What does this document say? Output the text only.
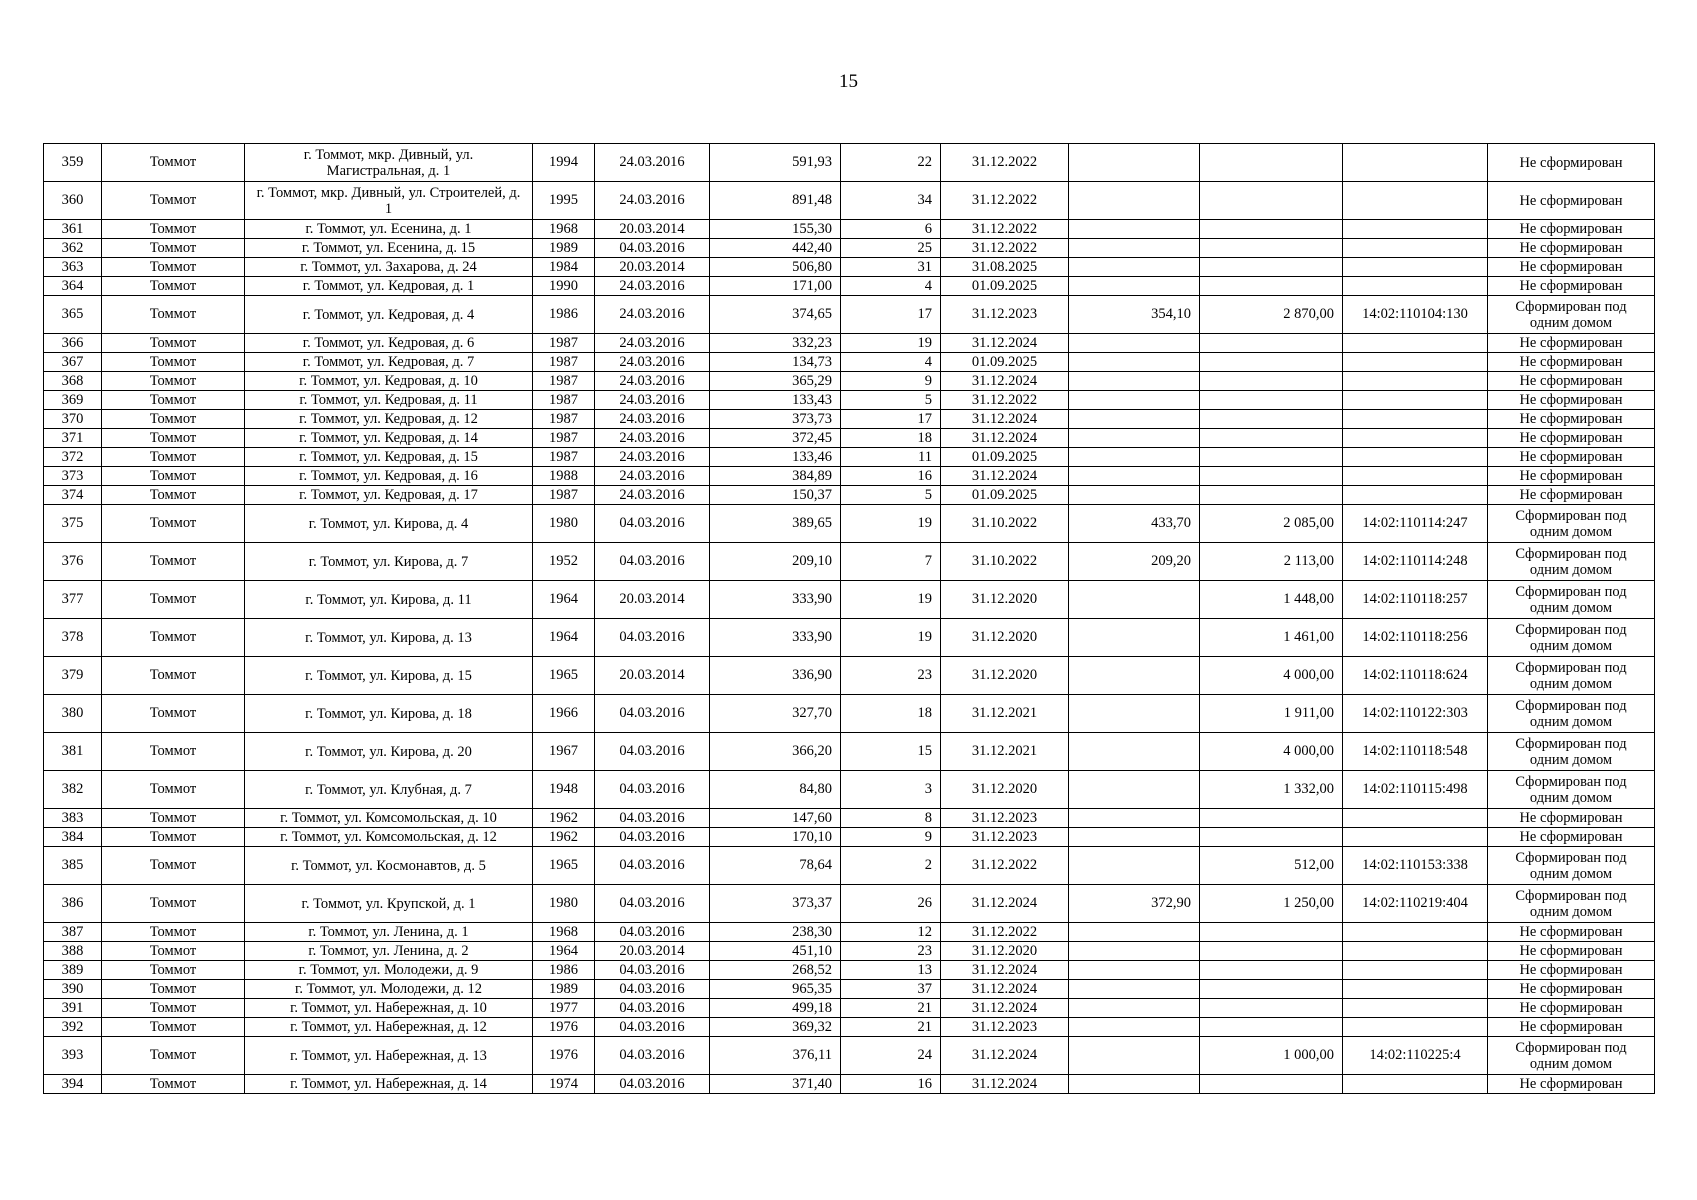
15
359	Томмот	г. Томмот, мкр. Дивный, ул. Магистральная, д. 1	1994	24.03.2016	591,93	22	31.12.2022				Не сформирован
360	Томмот	г. Томмот, мкр. Дивный, ул. Строителей, д. 1	1995	24.03.2016	891,48	34	31.12.2022				Не сформирован
361	Томмот	г. Томмот, ул. Есенина, д. 1	1968	20.03.2014	155,30	6	31.12.2022				Не сформирован
362	Томмот	г. Томмот, ул. Есенина, д. 15	1989	04.03.2016	442,40	25	31.12.2022				Не сформирован
363	Томмот	г. Томмот, ул. Захарова, д. 24	1984	20.03.2014	506,80	31	31.08.2025				Не сформирован
364	Томмот	г. Томмот, ул. Кедровая, д. 1	1990	24.03.2016	171,00	4	01.09.2025				Не сформирован
365	Томмот	г. Томмот, ул. Кедровая, д. 4	1986	24.03.2016	374,65	17	31.12.2023	354,10	2 870,00	14:02:110104:130	Сформирован под одним домом
366	Томмот	г. Томмот, ул. Кедровая, д. 6	1987	24.03.2016	332,23	19	31.12.2024				Не сформирован
367	Томмот	г. Томмот, ул. Кедровая, д. 7	1987	24.03.2016	134,73	4	01.09.2025				Не сформирован
368	Томмот	г. Томмот, ул. Кедровая, д. 10	1987	24.03.2016	365,29	9	31.12.2024				Не сформирован
369	Томмот	г. Томмот, ул. Кедровая, д. 11	1987	24.03.2016	133,43	5	31.12.2022				Не сформирован
370	Томмот	г. Томмот, ул. Кедровая, д. 12	1987	24.03.2016	373,73	17	31.12.2024				Не сформирован
371	Томмот	г. Томмот, ул. Кедровая, д. 14	1987	24.03.2016	372,45	18	31.12.2024				Не сформирован
372	Томмот	г. Томмот, ул. Кедровая, д. 15	1987	24.03.2016	133,46	11	01.09.2025				Не сформирован
373	Томмот	г. Томмот, ул. Кедровая, д. 16	1988	24.03.2016	384,89	16	31.12.2024				Не сформирован
374	Томмот	г. Томмот, ул. Кедровая, д. 17	1987	24.03.2016	150,37	5	01.09.2025				Не сформирован
375	Томмот	г. Томмот, ул. Кирова, д. 4	1980	04.03.2016	389,65	19	31.10.2022	433,70	2 085,00	14:02:110114:247	Сформирован под одним домом
376	Томмот	г. Томмот, ул. Кирова, д. 7	1952	04.03.2016	209,10	7	31.10.2022	209,20	2 113,00	14:02:110114:248	Сформирован под одним домом
377	Томмот	г. Томмот, ул. Кирова, д. 11	1964	20.03.2014	333,90	19	31.12.2020		1 448,00	14:02:110118:257	Сформирован под одним домом
378	Томмот	г. Томмот, ул. Кирова, д. 13	1964	04.03.2016	333,90	19	31.12.2020		1 461,00	14:02:110118:256	Сформирован под одним домом
379	Томмот	г. Томмот, ул. Кирова, д. 15	1965	20.03.2014	336,90	23	31.12.2020		4 000,00	14:02:110118:624	Сформирован под одним домом
380	Томмот	г. Томмот, ул. Кирова, д. 18	1966	04.03.2016	327,70	18	31.12.2021		1 911,00	14:02:110122:303	Сформирован под одним домом
381	Томмот	г. Томмот, ул. Кирова, д. 20	1967	04.03.2016	366,20	15	31.12.2021		4 000,00	14:02:110118:548	Сформирован под одним домом
382	Томмот	г. Томмот, ул. Клубная, д. 7	1948	04.03.2016	84,80	3	31.12.2020		1 332,00	14:02:110115:498	Сформирован под одним домом
383	Томмот	г. Томмот, ул. Комсомольская, д. 10	1962	04.03.2016	147,60	8	31.12.2023				Не сформирован
384	Томмот	г. Томмот, ул. Комсомольская, д. 12	1962	04.03.2016	170,10	9	31.12.2023				Не сформирован
385	Томмот	г. Томмот, ул. Космонавтов, д. 5	1965	04.03.2016	78,64	2	31.12.2022		512,00	14:02:110153:338	Сформирован под одним домом
386	Томмот	г. Томмот, ул. Крупской, д. 1	1980	04.03.2016	373,37	26	31.12.2024	372,90	1 250,00	14:02:110219:404	Сформирован под одним домом
387	Томмот	г. Томмот, ул. Ленина, д. 1	1968	04.03.2016	238,30	12	31.12.2022				Не сформирован
388	Томмот	г. Томмот, ул. Ленина, д. 2	1964	20.03.2014	451,10	23	31.12.2020				Не сформирован
389	Томмот	г. Томмот, ул. Молодежи, д. 9	1986	04.03.2016	268,52	13	31.12.2024				Не сформирован
390	Томмот	г. Томмот, ул. Молодежи, д. 12	1989	04.03.2016	965,35	37	31.12.2024				Не сформирован
391	Томмот	г. Томмот, ул. Набережная, д. 10	1977	04.03.2016	499,18	21	31.12.2024				Не сформирован
392	Томмот	г. Томмот, ул. Набережная, д. 12	1976	04.03.2016	369,32	21	31.12.2023				Не сформирован
393	Томмот	г. Томмот, ул. Набережная, д. 13	1976	04.03.2016	376,11	24	31.12.2024		1 000,00	14:02:110225:4	Сформирован под одним домом
394	Томмот	г. Томмот, ул. Набережная, д. 14	1974	04.03.2016	371,40	16	31.12.2024				Не сформирован
